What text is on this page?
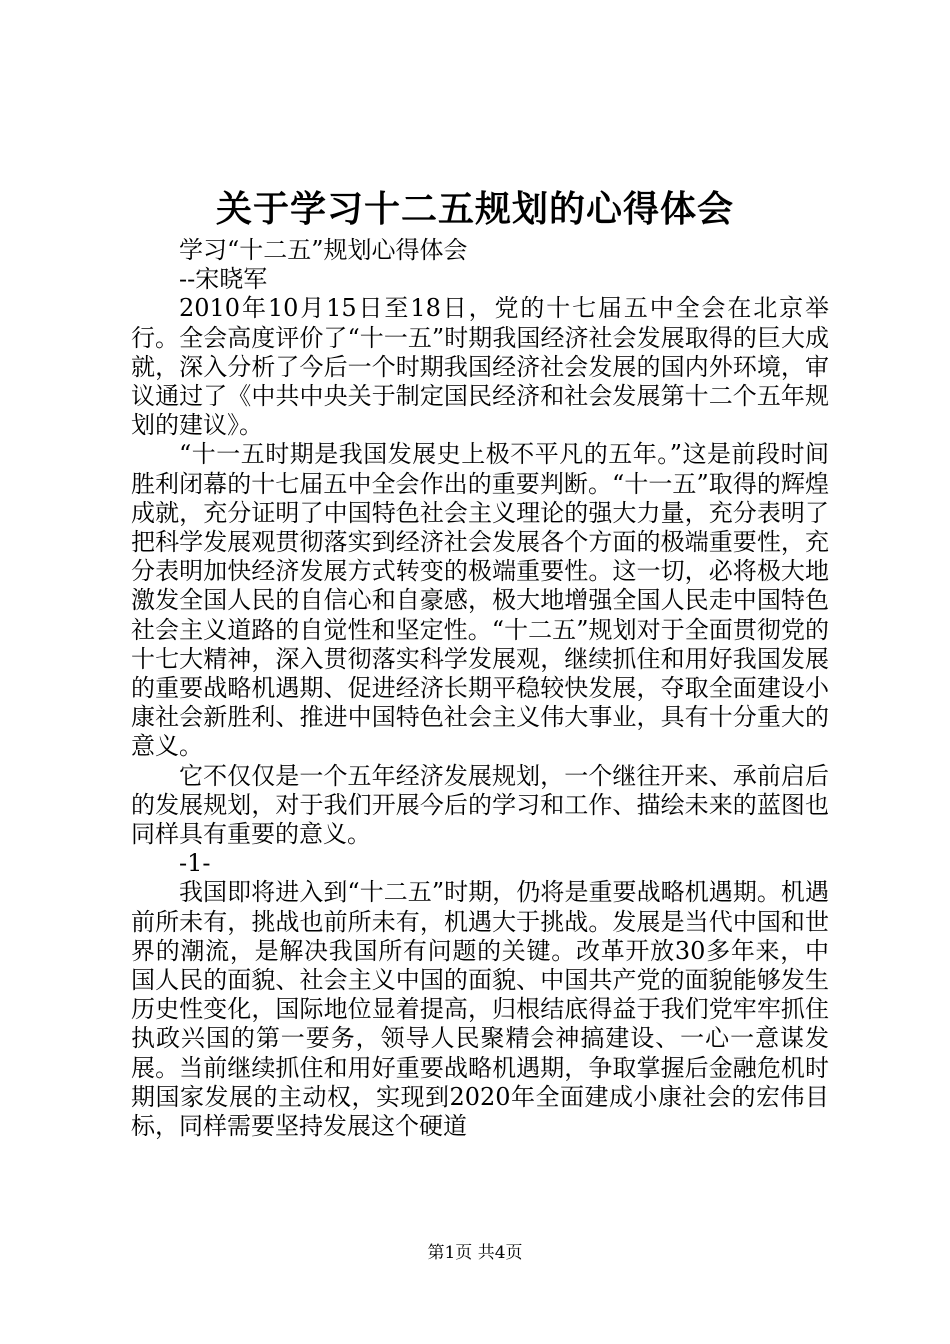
关于学习十二五规划的心得体会

学习“十二五”规划心得体会

--宋晓军

2010年10月15日至18日，党的十七届五中全会在北京举行。全会高度评价了“十一五”时期我国经济社会发展取得的巨大成就，深入分析了今后一个时期我国经济社会发展的国内外环境，审议通过了《中共中央关于制定国民经济和社会发展第十二个五年规划的建议》。

“十一五时期是我国发展史上极不平凡的五年。”这是前段时间胜利闭幕的十七届五中全会作出的重要判断。“十一五”取得的辉煌成就，充分证明了中国特色社会主义理论的强大力量，充分表明了把科学发展观贯彻落实到经济社会发展各个方面的极端重要性，充分表明加快经济发展方式转变的极端重要性。这一切，必将极大地激发全国人民的自信心和自豪感，极大地增强全国人民走中国特色社会主义道路的自觉性和坚定性。“十二五”规划对于全面贯彻党的十七大精神，深入贯彻落实科学发展观，继续抓住和用好我国发展的重要战略机遇期、促进经济长期平稳较快发展，夺取全面建设小康社会新胜利、推进中国特色社会主义伟大事业，具有十分重大的意义。

它不仅仅是一个五年经济发展规划，一个继往开来、承前启后的发展规划，对于我们开展今后的学习和工作、描绘未来的蓝图也同样具有重要的意义。

-1-

我国即将进入到“十二五”时期，仍将是重要战略机遇期。机遇前所未有，挑战也前所未有，机遇大于挑战。发展是当代中国和世界的潮流，是解决我国所有问题的关键。改革开放30多年来，中国人民的面貌、社会主义中国的面貌、中国共产党的面貌能够发生历史性变化，国际地位显着提高，归根结底得益于我们党牢牢抓住执政兴国的第一要务，领导人民聚精会神搞建设、一心一意谋发展。当前继续抓住和用好重要战略机遇期，争取掌握后金融危机时期国家发展的主动权，实现到2020年全面建成小康社会的宏伟目标，同样需要坚持发展这个硬道

第1页 共4页
